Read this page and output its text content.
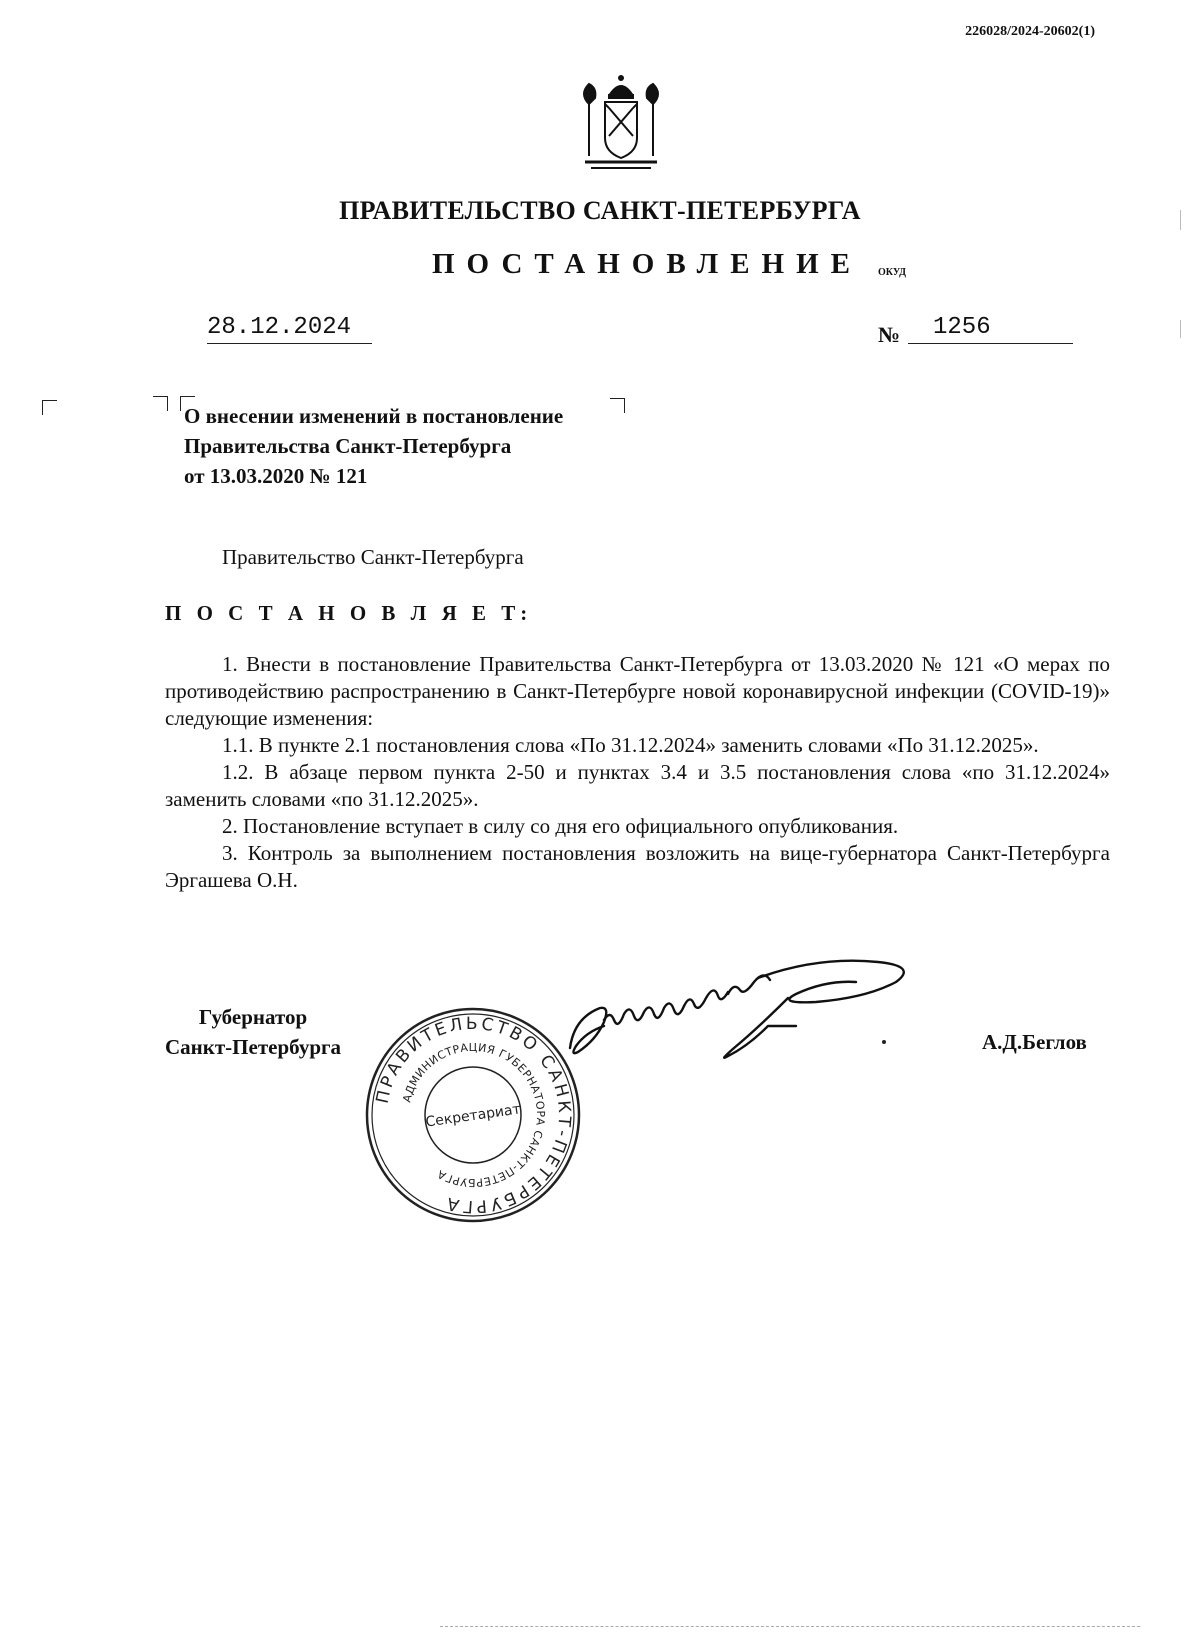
226028/2024-20602(1)
ПРАВИТЕЛЬСТВО САНКТ-ПЕТЕРБУРГА
ПОСТАНОВЛЕНИЕ ОКУД
28.12.2024	№	1256
О внесении изменений в постановление
Правительства Санкт-Петербурга
от 13.03.2020 № 121
Правительство Санкт-Петербурга
П О С Т А Н О В Л Я Е Т:

1. Внести в постановление Правительства Санкт-Петербурга от 13.03.2020 № 121 «О мерах по противодействию распространению в Санкт-Петербурге новой коронавирусной инфекции (COVID-19)» следующие изменения:

1.1. В пункте 2.1 постановления слова «По 31.12.2024» заменить словами «По 31.12.2025».

1.2. В абзаце первом пункта 2-50 и пунктах 3.4 и 3.5 постановления слова «по 31.12.2024» заменить словами «по 31.12.2025».

2. Постановление вступает в силу со дня его официального опубликования.

3. Контроль за выполнением постановления возложить на вице-губернатора Санкт-Петербурга Эргашева О.Н.

Губернатор
Санкт-Петербурга
ПРАВИТЕЛЬСТВО САНКТ-ПЕТЕРБУРГА
АДМИНИСТРАЦИЯ ГУБЕРНАТОРА САНКТ-ПЕТЕРБУРГА
Секретариат
А.Д.Беглов
